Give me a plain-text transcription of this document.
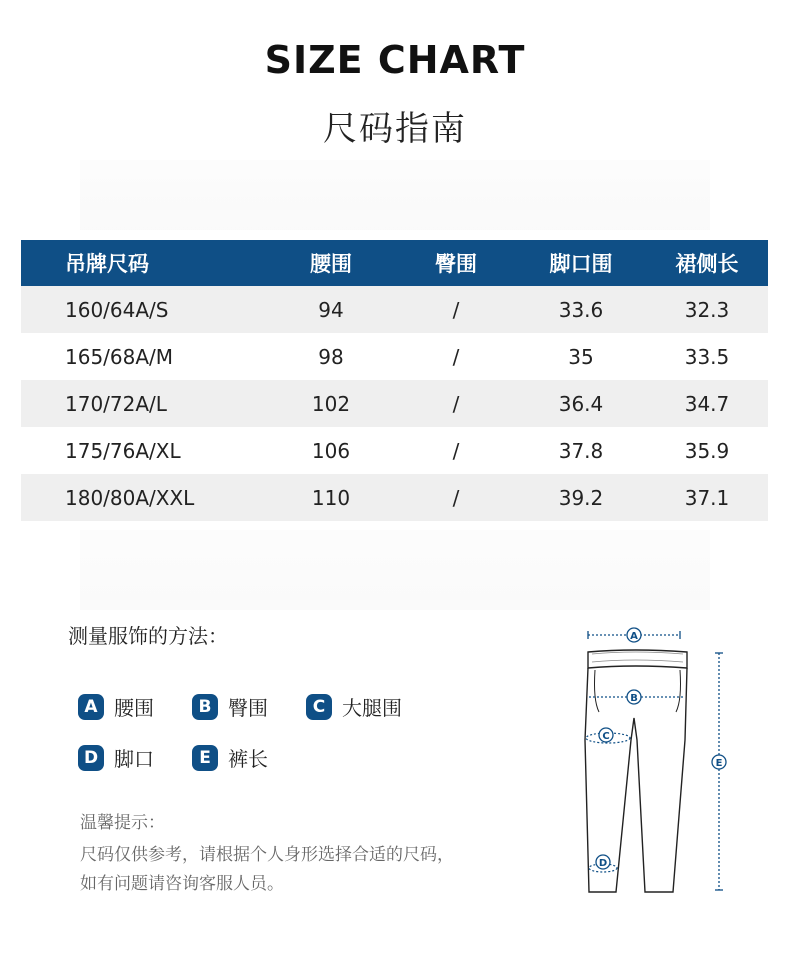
SIZE CHART
尺码指南
吊牌尺码	腰围	臀围	脚口围	裙侧长
160/64A/S	94	/	33.6	32.3
165/68A/M	98	/	35	33.5
170/72A/L	102	/	36.4	34.7
175/76A/XL	106	/	37.8	35.9
180/80A/XXL	110	/	39.2	37.1
测量服饰的方法：
A 腰围	B 臀围	C 大腿围
D 脚口	E 裤长
温馨提示：
尺码仅供参考，请根据个人身形选择合适的尺码，
如有问题请咨询客服人员。
A
B
C
D
E
